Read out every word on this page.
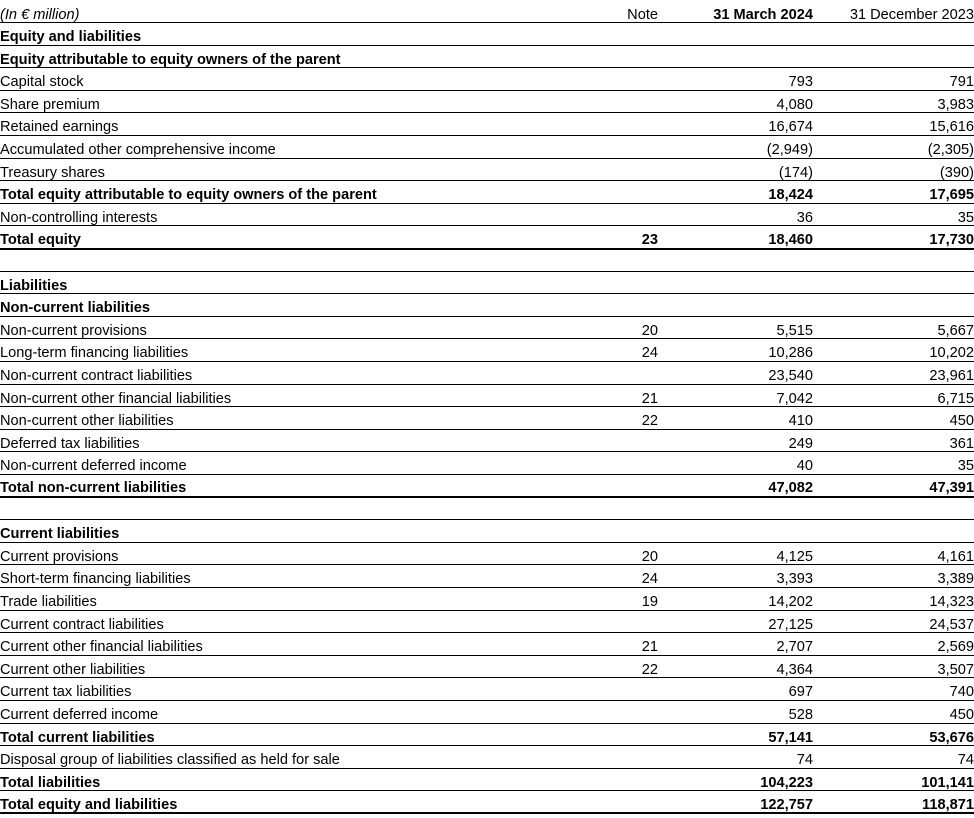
(In € million)	Note	31 March 2024	31 December 2023
Equity and liabilities			
Equity attributable to equity owners of the parent			
Capital stock		793	791
Share premium		4,080	3,983
Retained earnings		16,674	15,616
Accumulated other comprehensive income		(2,949)	(2,305)
Treasury shares		(174)	(390)
Total equity attributable to equity owners of the parent		18,424	17,695
Non-controlling interests		36	35
Total equity	23	18,460	17,730

Liabilities			
Non-current liabilities			
Non-current provisions	20	5,515	5,667
Long-term financing liabilities	24	10,286	10,202
Non-current contract liabilities		23,540	23,961
Non-current other financial liabilities	21	7,042	6,715
Non-current other liabilities	22	410	450
Deferred tax liabilities		249	361
Non-current deferred income		40	35
Total non-current liabilities		47,082	47,391

Current liabilities			
Current provisions	20	4,125	4,161
Short-term financing liabilities	24	3,393	3,389
Trade liabilities	19	14,202	14,323
Current contract liabilities		27,125	24,537
Current other financial liabilities	21	2,707	2,569
Current other liabilities	22	4,364	3,507
Current tax liabilities		697	740
Current deferred income		528	450
Total current liabilities		57,141	53,676
Disposal group of liabilities classified as held for sale		74	74
Total liabilities		104,223	101,141
Total equity and liabilities		122,757	118,871
